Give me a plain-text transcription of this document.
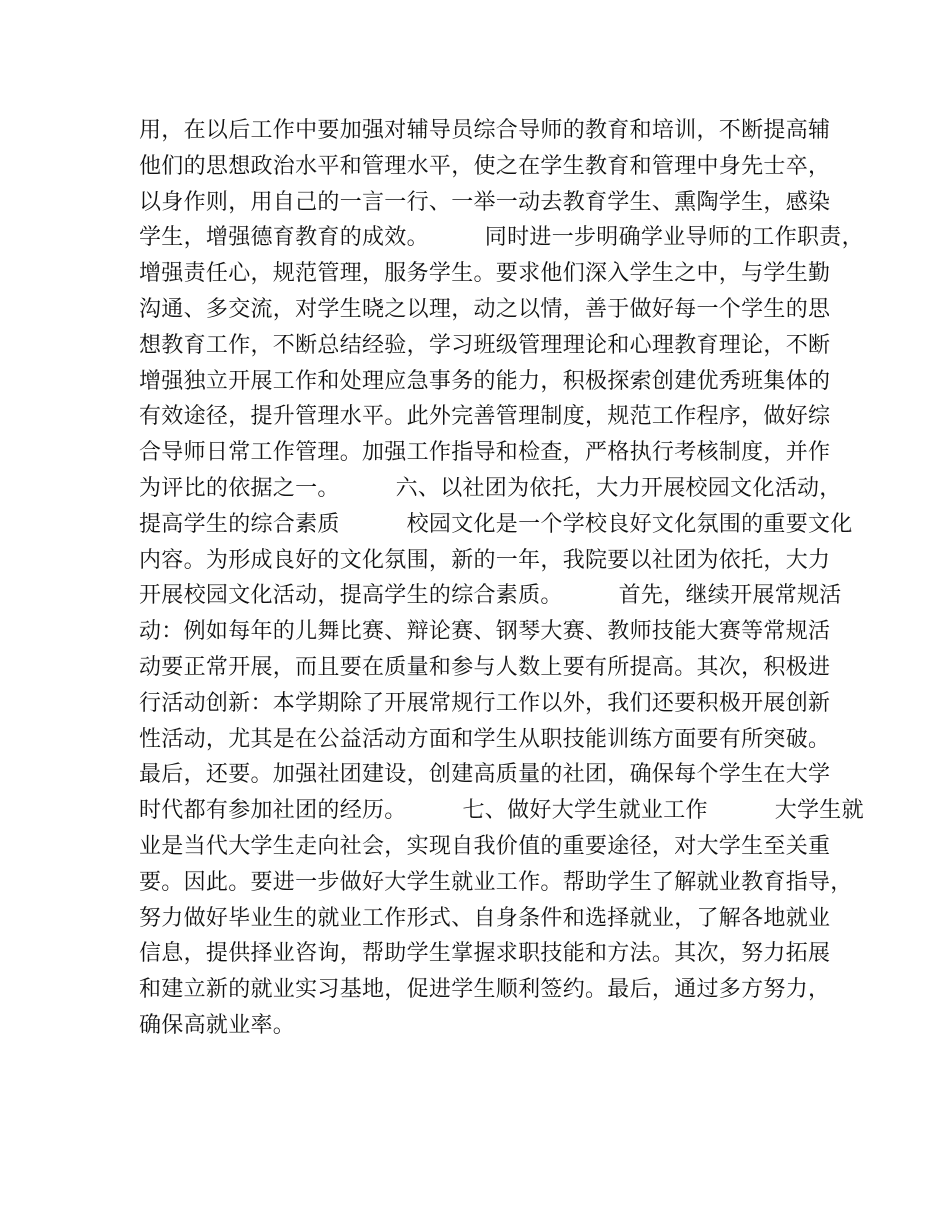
用，在以后工作中要加强对辅导员综合导师的教育和培训，不断提高辅
他们的思想政治水平和管理水平，使之在学生教育和管理中身先士卒，
以身作则，用自己的一言一行、一举一动去教育学生、熏陶学生，感染
学生，增强德育教育的成效。　　　同时进一步明确学业导师的工作职责，
增强责任心，规范管理，服务学生。要求他们深入学生之中，与学生勤
沟通、多交流，对学生晓之以理，动之以情，善于做好每一个学生的思
想教育工作，不断总结经验，学习班级管理理论和心理教育理论，不断
增强独立开展工作和处理应急事务的能力，积极探索创建优秀班集体的
有效途径，提升管理水平。此外完善管理制度，规范工作程序，做好综
合导师日常工作管理。加强工作指导和检查，严格执行考核制度，并作
为评比的依据之一。　　　六、以社团为依托，大力开展校园文化活动，
提高学生的综合素质　　　校园文化是一个学校良好文化氛围的重要文化
内容。为形成良好的文化氛围，新的一年，我院要以社团为依托，大力
开展校园文化活动，提高学生的综合素质。　　　首先，继续开展常规活
动：例如每年的儿舞比赛、辩论赛、钢琴大赛、教师技能大赛等常规活
动要正常开展，而且要在质量和参与人数上要有所提高。其次，积极进
行活动创新：本学期除了开展常规行工作以外，我们还要积极开展创新
性活动，尤其是在公益活动方面和学生从职技能训练方面要有所突破。
最后，还要。加强社团建设，创建高质量的社团，确保每个学生在大学
时代都有参加社团的经历。　　　七、做好大学生就业工作　　　大学生就
业是当代大学生走向社会，实现自我价值的重要途径，对大学生至关重
要。因此。要进一步做好大学生就业工作。帮助学生了解就业教育指导，
努力做好毕业生的就业工作形式、自身条件和选择就业，了解各地就业
信息，提供择业咨询，帮助学生掌握求职技能和方法。其次，努力拓展
和建立新的就业实习基地，促进学生顺利签约。最后，通过多方努力，
确保高就业率。
